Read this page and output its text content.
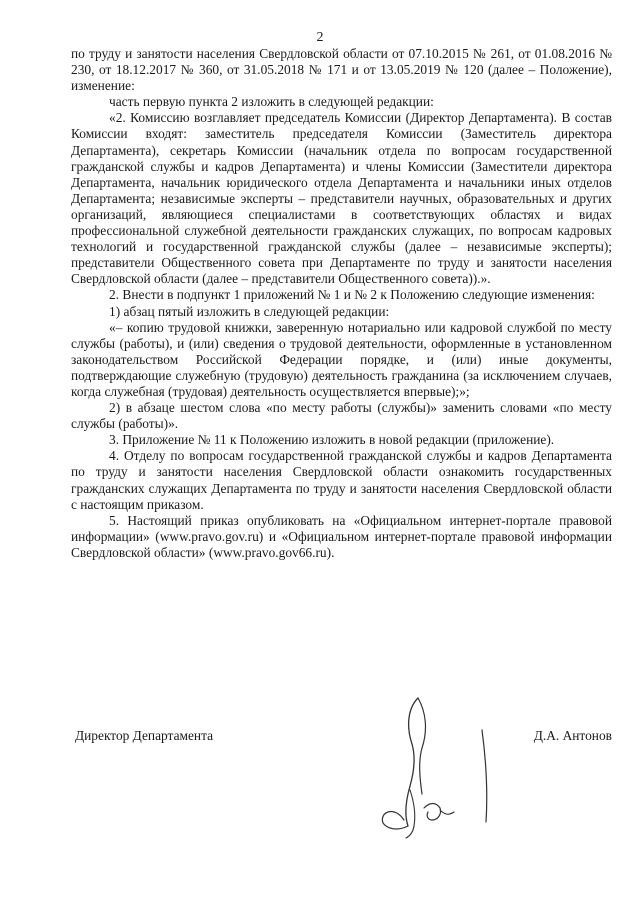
2

по труду и занятости населения Свердловской области от 07.10.2015 № 261, от 01.08.2016 № 230, от 18.12.2017 № 360, от 31.05.2018 № 171 и от 13.05.2019 № 120 (далее – Положение), изменение:

часть первую пункта 2 изложить в следующей редакции:

«2. Комиссию возглавляет председатель Комиссии (Директор Департамента). В состав Комиссии входят: заместитель председателя Комиссии (Заместитель директора Департамента), секретарь Комиссии (начальник отдела по вопросам государственной гражданской службы и кадров Департамента) и члены Комиссии (Заместители директора Департамента, начальник юридического отдела Департамента и начальники иных отделов Департамента; независимые эксперты – представители научных, образовательных и других организаций, являющиеся специалистами в соответствующих областях и видах профессиональной служебной деятельности гражданских служащих, по вопросам кадровых технологий и государственной гражданской службы (далее – независимые эксперты); представители Общественного совета при Департаменте по труду и занятости населения Свердловской области (далее – представители Общественного совета)).».

2. Внести в подпункт 1 приложений № 1 и № 2 к Положению следующие изменения:

1) абзац пятый изложить в следующей редакции:

«– копию трудовой книжки, заверенную нотариально или кадровой службой по месту службы (работы), и (или) сведения о трудовой деятельности, оформленные в установленном законодательством Российской Федерации порядке, и (или) иные документы, подтверждающие служебную (трудовую) деятельность гражданина (за исключением случаев, когда служебная (трудовая) деятельность осуществляется впервые);»;

2) в абзаце шестом слова «по месту работы (службы)» заменить словами «по месту службы (работы)».

3. Приложение № 11 к Положению изложить в новой редакции (приложение).

4. Отделу по вопросам государственной гражданской службы и кадров Департамента по труду и занятости населения Свердловской области ознакомить государственных гражданских служащих Департамента по труду и занятости населения Свердловской области с настоящим приказом.

5. Настоящий приказ опубликовать на «Официальном интернет-портале правовой информации» (www.pravo.gov.ru) и «Официальном интернет-портале правовой информации Свердловской области» (www.pravo.gov66.ru).

Директор Департамента	Д.А. Антонов
